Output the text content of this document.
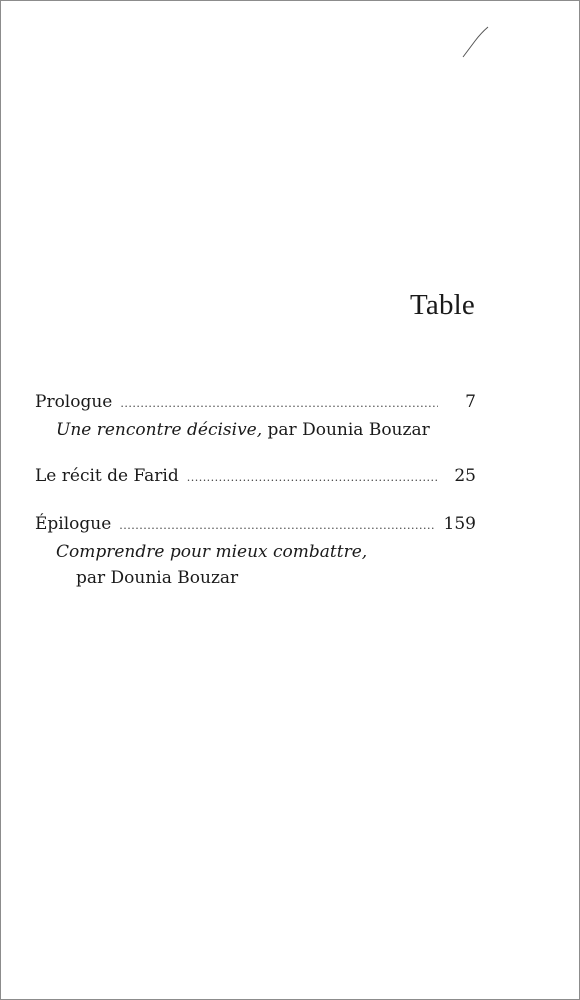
Table
Prologue .....	7
Une rencontre décisive, par Dounia Bouzar
Le récit de Farid .....	25
Épilogue .....	159
Comprendre pour mieux combattre,
par Dounia Bouzar
